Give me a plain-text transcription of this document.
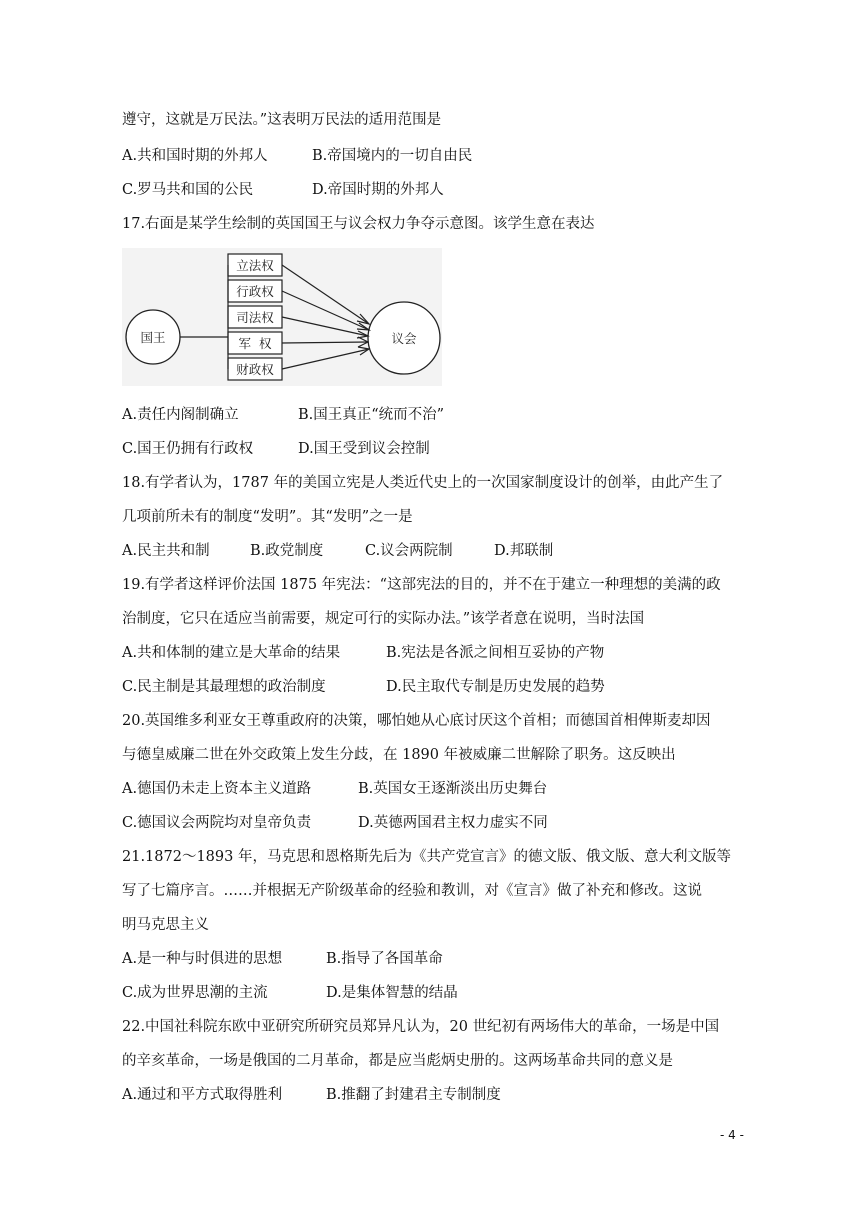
遵守，这就是万民法。”这表明万民法的适用范围是
A.共和国时期的外邦人	B.帝国境内的一切自由民
C.罗马共和国的公民	D.帝国时期的外邦人
17.右面是某学生绘制的英国国王与议会权力争夺示意图。该学生意在表达
国王	议会
立法权
行政权
司法权
军  权
财政权
A.责任内阁制确立	B.国王真正“统而不治”
C.国王仍拥有行政权	D.国王受到议会控制
18.有学者认为，1787 年的美国立宪是人类近代史上的一次国家制度设计的创举，由此产生了
几项前所未有的制度“发明”。其“发明”之一是
A.民主共和制	B.政党制度	C.议会两院制	D.邦联制
19.有学者这样评价法国 1875 年宪法：“这部宪法的目的，并不在于建立一种理想的美满的政
治制度，它只在适应当前需要，规定可行的实际办法。”该学者意在说明，当时法国
A.共和体制的建立是大革命的结果	B.宪法是各派之间相互妥协的产物
C.民主制是其最理想的政治制度	D.民主取代专制是历史发展的趋势
20.英国维多利亚女王尊重政府的决策，哪怕她从心底讨厌这个首相；而德国首相俾斯麦却因
与德皇威廉二世在外交政策上发生分歧，在 1890 年被威廉二世解除了职务。这反映出
A.德国仍未走上资本主义道路	B.英国女王逐渐淡出历史舞台
C.德国议会两院均对皇帝负责	D.英德两国君主权力虚实不同
21.1872～1893 年，马克思和恩格斯先后为《共产党宣言》的德文版、俄文版、意大利文版等
写了七篇序言。……并根据无产阶级革命的经验和教训，对《宣言》做了补充和修改。这说
明马克思主义
A.是一种与时俱进的思想	B.指导了各国革命
C.成为世界思潮的主流	D.是集体智慧的结晶
22.中国社科院东欧中亚研究所研究员郑异凡认为，20 世纪初有两场伟大的革命，一场是中国
的辛亥革命，一场是俄国的二月革命，都是应当彪炳史册的。这两场革命共同的意义是
A.通过和平方式取得胜利	B.推翻了封建君主专制制度
- 4 -
